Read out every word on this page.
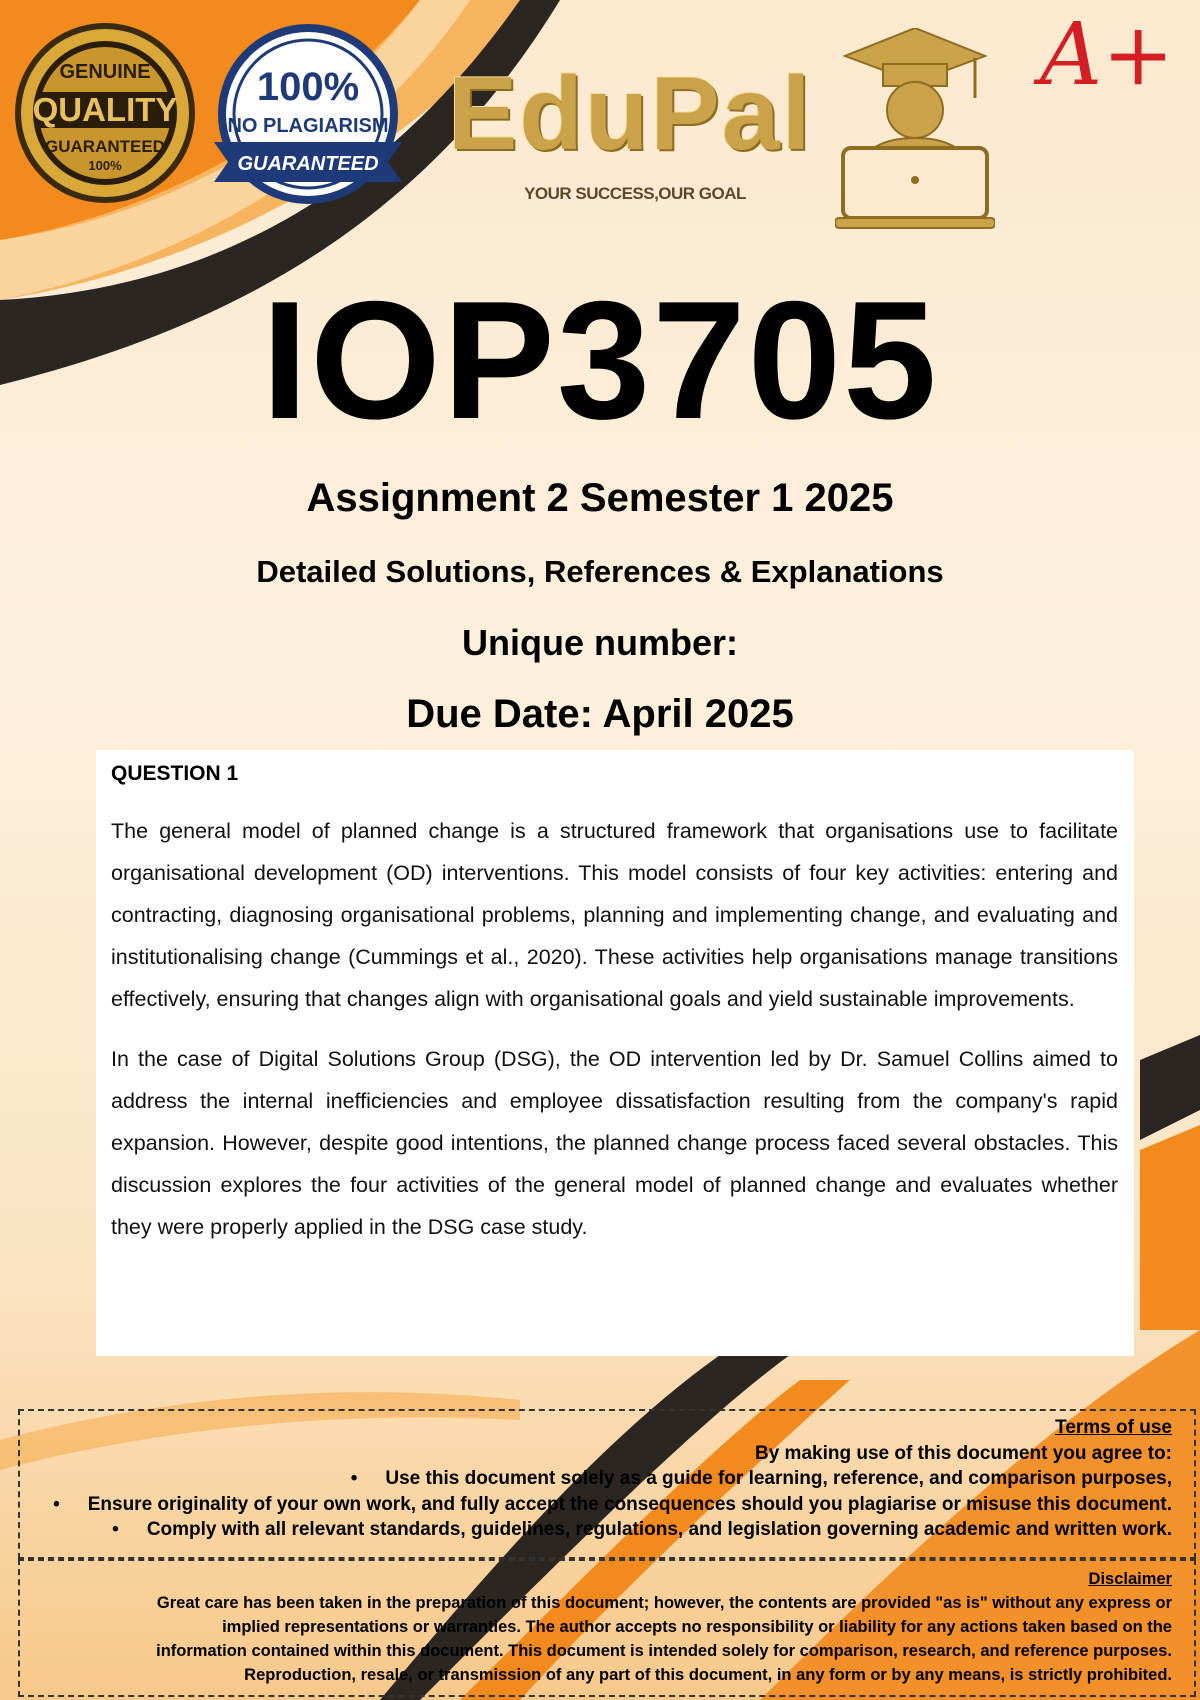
GENUINE
QUALITY
GUARANTEED
100%
100%
NO PLAGIARISM
GUARANTEED EduPal
YOUR SUCCESS,OUR GOAL
A+
IOP3705
Assignment 2 Semester 1 2025
Detailed Solutions, References & Explanations
Unique number:
Due Date: April 2025
QUESTION 1

The general model of planned change is a structured framework that organisations use to facilitate organisational development (OD) interventions. This model consists of four key activities: entering and contracting, diagnosing organisational problems, planning and implementing change, and evaluating and institutionalising change (Cummings et al., 2020). These activities help organisations manage transitions effectively, ensuring that changes align with organisational goals and yield sustainable improvements.

In the case of Digital Solutions Group (DSG), the OD intervention led by Dr. Samuel Collins aimed to address the internal inefficiencies and employee dissatisfaction resulting from the company's rapid expansion. However, despite good intentions, the planned change process faced several obstacles. This discussion explores the four activities of the general model of planned change and evaluates whether they were properly applied in the DSG case study.

Terms of use
By making use of this document you agree to:
• Use this document solely as a guide for learning, reference, and comparison purposes,
• Ensure originality of your own work, and fully accept the consequences should you plagiarise or misuse this document.
• Comply with all relevant standards, guidelines, regulations, and legislation governing academic and written work.
Disclaimer

Great care has been taken in the preparation of this document; however, the contents are provided "as is" without any express or

implied representations or warranties. The author accepts no responsibility or liability for any actions taken based on the

information contained within this document. This document is intended solely for comparison, research, and reference purposes.

Reproduction, resale, or transmission of any part of this document, in any form or by any means, is strictly prohibited.
